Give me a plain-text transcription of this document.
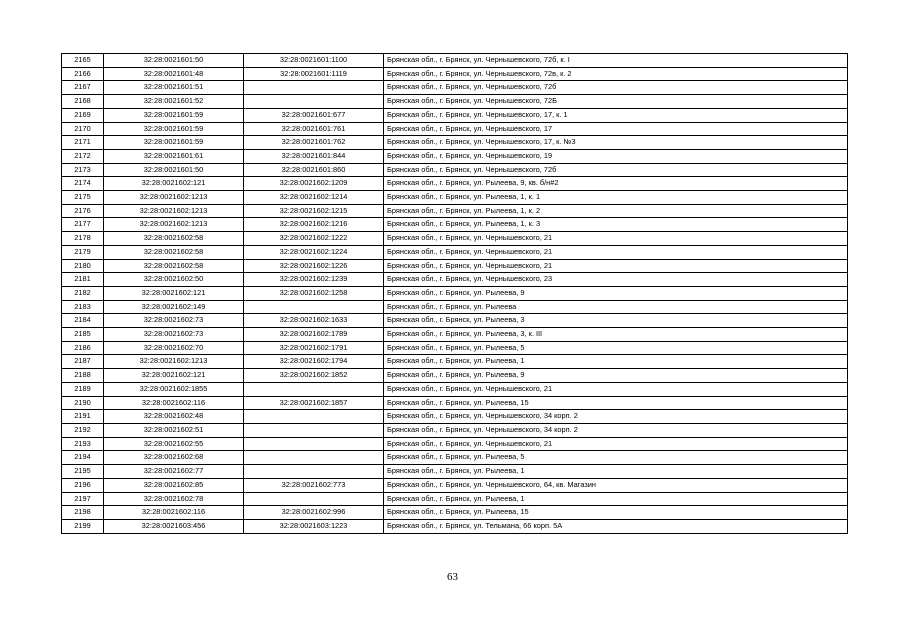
2165	32:28:0021601:50	32:28:0021601:1100	Брянская обл., г. Брянск, ул. Чернышевского, 72б, к. I
2166	32:28:0021601:48	32:28:0021601:1119	Брянская обл., г. Брянск, ул. Чернышевского, 72в, к. 2
2167	32:28:0021601:51		Брянская обл., г. Брянск, ул. Чернышевского, 72б
2168	32:28:0021601:52		Брянская обл., г. Брянск, ул. Чернышевского, 72Б
2169	32:28:0021601:59	32:28:0021601:677	Брянская обл., г. Брянск, ул. Чернышевского, 17, к. 1
2170	32:28:0021601:59	32:28:0021601:761	Брянская обл., г. Брянск, ул. Чернышевского, 17
2171	32:28:0021601:59	32:28:0021601:762	Брянская обл., г. Брянск, ул. Чернышевского, 17, к. №3
2172	32:28:0021601:61	32:28:0021601:844	Брянская обл., г. Брянск, ул. Чернышевского, 19
2173	32:28:0021601:50	32:28:0021601:860	Брянская обл., г. Брянск, ул. Чернышевского, 72б
2174	32:28:0021602:121	32:28:0021602:1209	Брянская обл., г. Брянск, ул. Рылеева, 9, кв. б/н#2
2175	32:28:0021602:1213	32:28:0021602:1214	Брянская обл., г. Брянск, ул. Рылеева, 1, к. 1
2176	32:28:0021602:1213	32:28:0021602:1215	Брянская обл., г. Брянск, ул. Рылеева, 1, к. 2
2177	32:28:0021602:1213	32:28:0021602:1216	Брянская обл., г. Брянск, ул. Рылеева, 1, к. 3
2178	32:28:0021602:58	32:28:0021602:1222	Брянская обл., г. Брянск, ул. Чернышевского, 21
2179	32:28:0021602:58	32:28:0021602:1224	Брянская обл., г. Брянск, ул. Чернышевского, 21
2180	32:28:0021602:58	32:28:0021602:1226	Брянская обл., г. Брянск, ул. Чернышевского, 21
2181	32:28:0021602:50	32:28:0021602:1239	Брянская обл., г. Брянск, ул. Чернышевского, 23
2182	32:28:0021602:121	32:28:0021602:1258	Брянская обл., г. Брянск, ул. Рылеева, 9
2183	32:28:0021602:149		Брянская обл., г. Брянск, ул. Рылеева
2184	32:28:0021602:73	32:28:0021602:1633	Брянская обл., г. Брянск, ул. Рылеева, 3
2185	32:28:0021602:73	32:28:0021602:1789	Брянская обл., г. Брянск, ул. Рылеева, 3, к. III
2186	32:28:0021602:70	32:28:0021602:1791	Брянская обл., г. Брянск, ул. Рылеева, 5
2187	32:28:0021602:1213	32:28:0021602:1794	Брянская обл., г. Брянск, ул. Рылеева, 1
2188	32:28:0021602:121	32:28:0021602:1852	Брянская обл., г. Брянск, ул. Рылеева, 9
2189	32:28:0021602:1855		Брянская обл., г. Брянск, ул. Чернышевского, 21
2190	32:28:0021602:116	32:28:0021602:1857	Брянская обл., г. Брянск, ул. Рылеева, 15
2191	32:28:0021602:48		Брянская обл., г. Брянск, ул. Чернышевского, 34 корп. 2
2192	32:28:0021602:51		Брянская обл., г. Брянск, ул. Чернышевского, 34 корп. 2
2193	32:28:0021602:55		Брянская обл., г. Брянск, ул. Чернышевского, 21
2194	32:28:0021602:68		Брянская обл., г. Брянск, ул. Рылеева, 5
2195	32:28:0021602:77		Брянская обл., г. Брянск, ул. Рылеева, 1
2196	32:28:0021602:85	32:28:0021602:773	Брянская обл., г. Брянск, ул. Чернышевского, 64, кв. Магазин
2197	32:28:0021602:78		Брянская обл., г. Брянск, ул. Рылеева, 1
2198	32:28:0021602:116	32:28:0021602:996	Брянская обл., г. Брянск, ул. Рылеева, 15
2199	32:28:0021603:456	32:28:0021603:1223	Брянская обл., г. Брянск, ул. Тельмана, 66 корп. 5А
63
